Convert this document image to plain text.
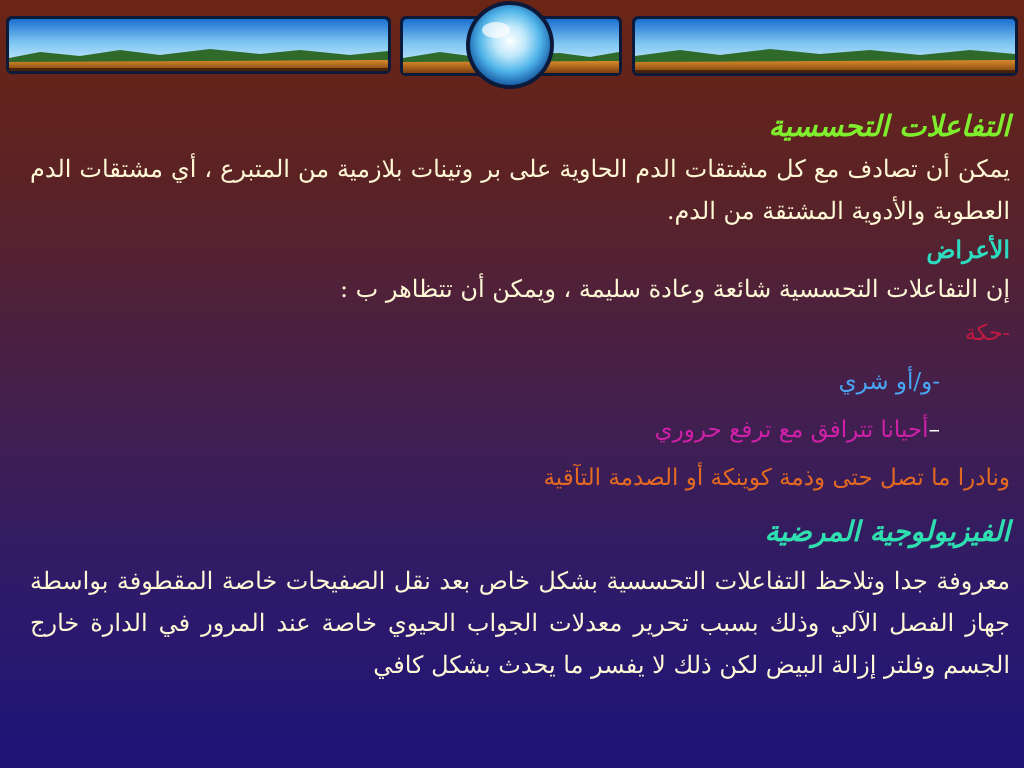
التفاعلات التحسسية
يمكن أن تصادف مع كل مشتقات الدم الحاوية على بر وتينات بلازمية من المتبرع ، أي مشتقات الدم العطوبة والأدوية المشتقة من الدم.
الأعراض
إن التفاعلات التحسسية شائعة وعادة سليمة ، ويمكن أن تتظاهر ب :
-حكة
-و/أو شري
–أحيانا تترافق مع ترفع حروري
ونادرا ما تصل حتى وذمة كوينكة أو الصدمة التآقية
الفيزيولوجية المرضية
معروفة جدا وتلاحظ التفاعلات التحسسية بشكل خاص بعد نقل الصفيحات خاصة المقطوفة بواسطة جهاز الفصل الآلي وذلك بسبب تحرير معدلات الجواب الحيوي خاصة عند المرور في الدارة خارج الجسم وفلتر إزالة البيض لكن ذلك لا يفسر ما يحدث بشكل كافي
